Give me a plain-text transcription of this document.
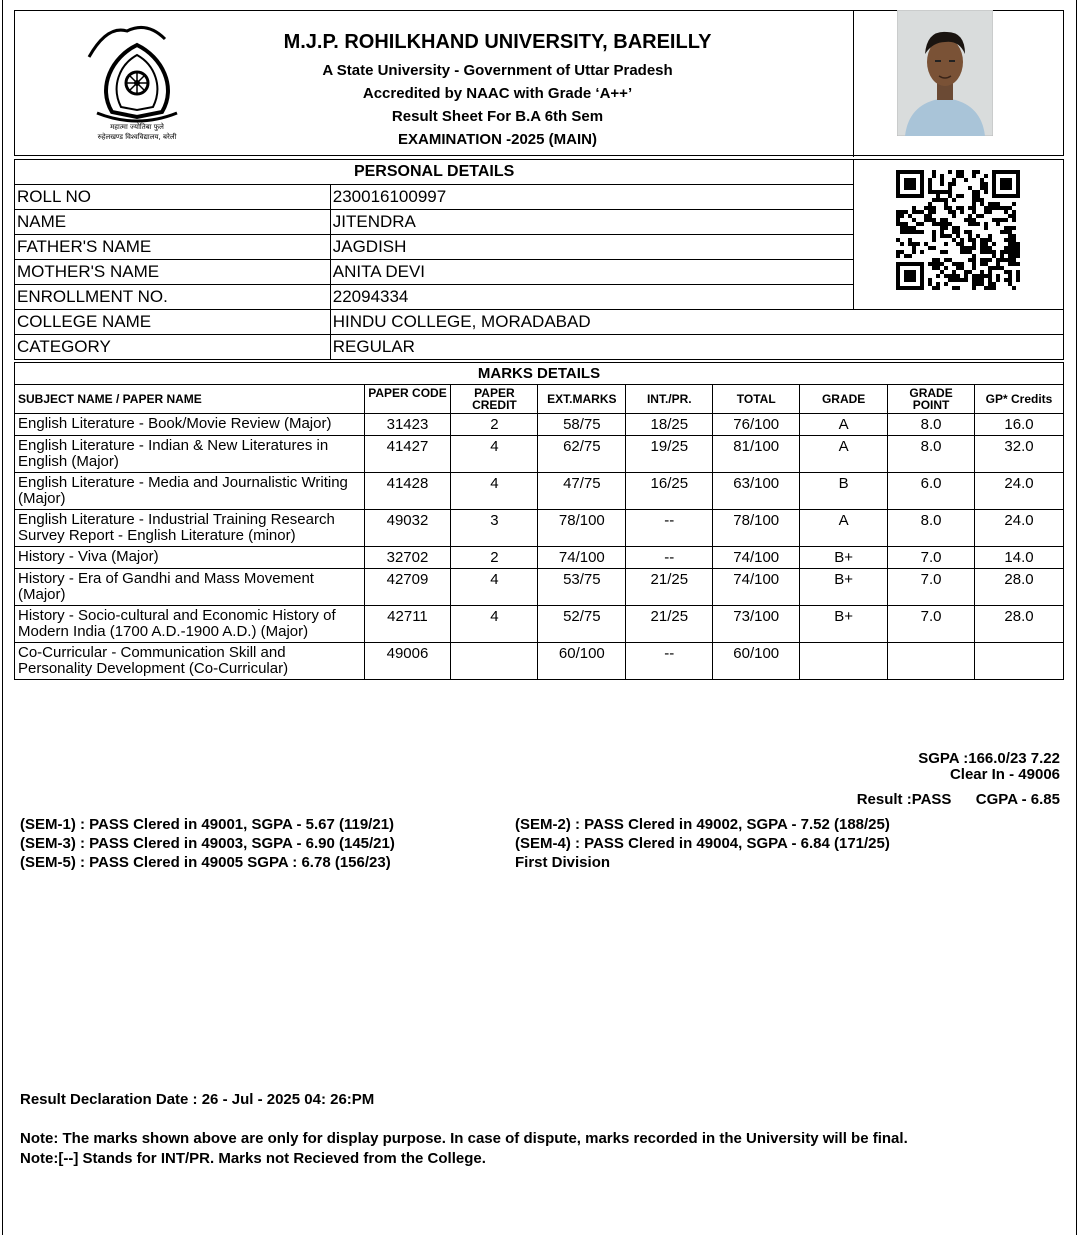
महात्मा ज्योतिबा फुले
रुहेलखण्ड विश्वविद्यालय, बरेली
M.J.P. ROHILKHAND UNIVERSITY, BAREILLY
A State University - Government of Uttar Pradesh
Accredited by NAAC with Grade ‘A++’
Result Sheet For B.A 6th Sem
EXAMINATION -2025 (MAIN)
PERSONAL DETAILS		
ROLL NO	230016100997	
NAME	JITENDRA	
FATHER'S NAME	JAGDISH	
MOTHER'S NAME	ANITA DEVI	
ENROLLMENT NO.	22094334	
COLLEGE NAME	HINDU COLLEGE, MORADABAD	
CATEGORY	REGULAR	
MARKS DETAILS								
SUBJECT NAME / PAPER NAME	PAPER CODE	PAPER CREDIT	EXT.MARKS	INT./PR.	TOTAL	GRADE	GRADE POINT	GP* Credits
English Literature - Book/Movie Review (Major)	31423	2	58/75	18/25	76/100	A	8.0	16.0
English Literature - Indian & New Literatures in English (Major)	41427	4	62/75	19/25	81/100	A	8.0	32.0
English Literature - Media and Journalistic Writing (Major)	41428	4	47/75	16/25	63/100	B	6.0	24.0
English Literature - Industrial Training Research Survey Report - English Literature (minor)	49032	3	78/100	--	78/100	A	8.0	24.0
History - Viva (Major)	32702	2	74/100	--	74/100	B+	7.0	14.0
History - Era of Gandhi and Mass Movement (Major)	42709	4	53/75	21/25	74/100	B+	7.0	28.0
History - Socio-cultural and Economic History of Modern India (1700 A.D.-1900 A.D.) (Major)	42711	4	52/75	21/25	73/100	B+	7.0	28.0
Co-Curricular - Communication Skill and Personality Development (Co-Curricular)	49006		60/100	--	60/100			
SGPA :166.0/23 7.22
Clear In - 49006
Result :PASS CGPA - 6.85
(SEM-1) : PASS Clered in 49001, SGPA - 5.67 (119/21)
(SEM-3) : PASS Clered in 49003, SGPA - 6.90 (145/21)
(SEM-5) : PASS Clered in 49005 SGPA : 6.78 (156/23)
(SEM-2) : PASS Clered in 49002, SGPA - 7.52 (188/25)
(SEM-4) : PASS Clered in 49004, SGPA - 6.84 (171/25)
First Division
Result Declaration Date : 26 - Jul - 2025 04: 26:PM
Note: The marks shown above are only for display purpose. In case of dispute, marks recorded in the University will be final.
Note:[--] Stands for INT/PR. Marks not Recieved from the College.
